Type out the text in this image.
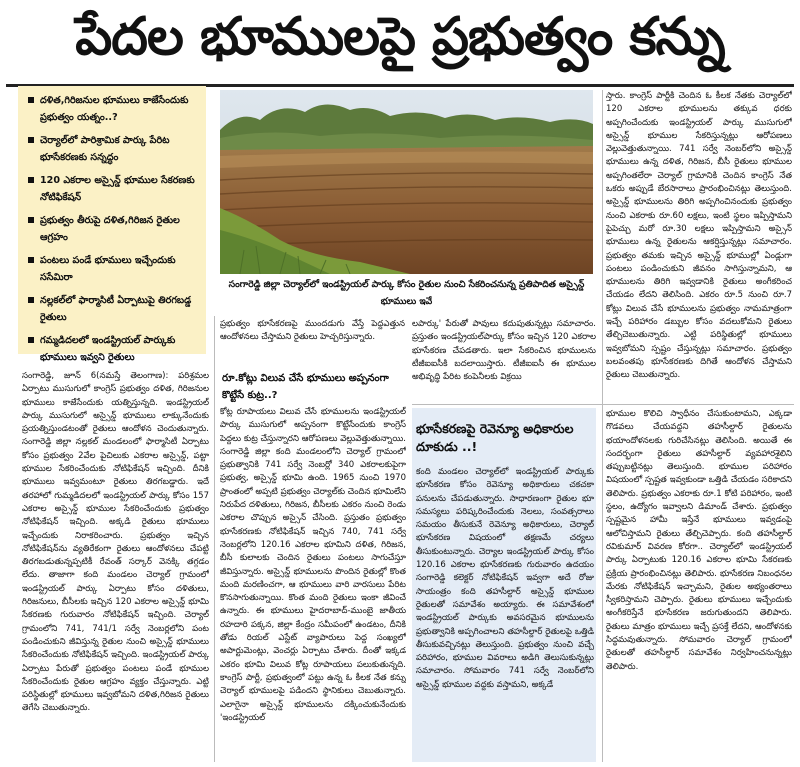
పేదల భూములపై ప్రభుత్వం కన్ను
దళిత,గిరిజనుల భూములు కాజేసేందుకు ప్రభుత్వం యత్నం..?
చెర్యాల్‌లో పారిశ్రామిక పార్కు పేరిట భూసేకరణకు సన్నద్ధం
120 ఎకరాల అస్సైన్డ్ భూముల సేకరణకు నోటిఫికేషన్
ప్రభుత్వం తీరుపై దళిత,గిరిజన రైతుల ఆగ్రహం
పంటలు పండే భూములు ఇచ్చేందుకు ససేమిరా
నల్లకల్‌లో ఫార్మాసిటీ ఏర్పాటుపై తిరగబడ్డ రైతులు
గమ్మడిదలలో ఇండస్ట్రియల్ పార్కుకు భూములు ఇవ్వని రైతులు
సంగారెడ్డి జిల్లా చెర్యాల్‌లో ఇండస్ట్రియల్ పార్కు కోసం రైతుల నుంచి సేకరించనున్న ప్రతిపాదిత అస్సైన్డ్ భూములు ఇవే

సంగారెడ్డి, జూన్ 6(నమస్తే తెలంగాణ): పరిశ్రమల ఏర్పాటు ముసుగులో కాంగ్రెస్ ప్రభుత్వం దళిత, గిరిజనుల భూములు కాజేసేందుకు యత్నిస్తున్నది. ఇండస్ట్రియల్ పార్కు ముసుగులో అస్సైన్డ్ భూములు లాక్కునేందుకు ప్రయత్నిస్తుండటంతో రైతులు ఆందోళన చెందుతున్నారు. సంగారెడ్డి జిల్లా నల్లకల్ మండలంలో ఫార్మాసిటీ ఏర్పాటు కోసం ప్రభుత్వం 2వేల పైచిలుకు ఎకరాల అస్సైన్డ్, పట్టా భూముల సేకరించేందుకు నోటిఫికేషన్ ఇచ్చింది. దీనికి భూములు ఇవ్వమంటూ రైతులు తిరగబడ్డారు. ఇదే తరహాలో గుమ్మడిదలలో ఇండస్ట్రియల్ పార్కు కోసం 157 ఎకరాల అస్సైన్డ్ భూముల సేకరించేందుకు ప్రభుత్వం నోటిఫికేషన్ ఇచ్చింది. అక్కడి రైతులు భూములు ఇచ్చేందుకు నిరాకరించారు. ప్రభుత్వం ఇచ్చిన నోటిఫికేషన్‌ను వ్యతిరేకంగా రైతులు ఆందోళనలు చేపట్టి తిరగబడుతున్నప్పటికీ రేవంత్ సర్కార్ వెనక్కి తగ్గడం లేదు. తాజాగా కంది మండలం చెర్యాల్ గ్రామంలో ఇండస్ట్రియల్ పార్కు ఏర్పాటు కోసం దళితులు, గిరిజనులు, బీసీలకు ఇచ్చిన 120 ఎకరాల అస్సైన్డ్ భూమి సేకరణకు గురువారం నోటిఫికేషన్ ఇచ్చింది. చెర్యాల్ గ్రామంలోని 741, 741/1 సర్వే నెంబర్లలోని పంట పండించుకుని జీవిస్తున్న రైతుల నుంచి అస్సైన్డ్ భూములు సేకరించేందుకు నోటిఫికేషన్ ఇచ్చింది. ఇండస్ట్రియల్ పార్కు ఏర్పాటు పేరుతో ప్రభుత్వం పంటలు పండే భూముల సేకరించేందుకు రైతుల ఆగ్రహం వ్యక్తం చేస్తున్నారు. ఎట్టి పరిస్థితుల్లో భూములు ఇవ్వబోమని దళిత,గిరిజన రైతులు తెగేసి చెబుతున్నారు.

ప్రభుత్వం భూసేకరణపై ముందడుగు వేస్తే పెద్దఎత్తున ఆందోళనలు చేస్తామని రైతులు హెచ్చరిస్తున్నారు.

రూ.కోట్లు విలువ చేసే భూములు అప్పనంగా కొట్టేసే కుట్ర..?

కోట్ల రూపాయలు విలువ చేసే భూములను ఇండస్ట్రియల్ పార్కు ముసుగులో అప్పనంగా కొట్టేసేందుకు కాంగ్రెస్ పెద్దలు కుట్ర చేస్తున్నారని ఆరోపణలు వెల్లువెత్తుతున్నాయి. సంగారెడ్డి జిల్లా కంది మండలంలోని చెర్యాల్ గ్రామంలో ప్రభుత్వానికి 741 సర్వే నెంబర్లో 340 ఎకరాలకుపైగా ప్రభుత్వ, అస్సైన్డ్ భూమి ఉంది. 1965 నుంచి 1970 ప్రాంతంలో అప్పటి ప్రభుత్వం చెర్యాల్‌కు చెందిన భూమిలేని నిరుపేద దళితులు, గిరిజన, బీసీలకు ఎకరం నుంచి రెండు ఎకరాల చొప్పున అస్సైన్ చేసింది. ప్రస్తుతం ప్రభుత్వం భూసేకరణకు నోటిఫికేషన్ ఇచ్చిన 740, 741 సర్వే నెంబర్లలోని 120.16 ఎకరాల భూమిని దళిత, గిరిజన, బీసీ కులాలకు చెందిన రైతులు పంటలు సాగుచేస్తూ జీవిస్తున్నారు. అస్సైన్డ్ భూములను పొందిన రైతుల్లో కొంత మంది మరణించగా, ఆ భూములు వారి వారసులు పేరిట కొనసాగుతున్నాయి. కొంత మంది రైతులు ఇంకా జీవించే ఉన్నారు. ఈ భూములు హైదరాబాద్-ముంబై జాతీయ రహదారి పక్కన, జిల్లా కేంద్రం సమీపంలో ఉండటం, దీనికి తోడు రియల్ ఎస్టేట్ వ్యాపారులు పెద్ద సంఖ్యలో అపార్టుమెంట్లు, వెంచర్లు ఏర్పాటు చేశారు. దీంతో ఇక్కడ ఎకరం భూమి విలువ కోట్ల రూపాయలు పలుకుతున్నది. కాంగ్రెస్ పార్టీ, ప్రభుత్వంలో పట్టు ఉన్న ఓ కీలక నేత కన్ను చెర్యాల్ భూములపై పడిందని స్థానికులు చెబుతున్నారు. ఎలాగైనా అస్సైన్డ్ భూములను దక్కించుకునేందుకు 'ఇండస్ట్రియల్

లపార్కు' పేరుతో పావులు కదుపుతున్నట్లు సమాచారం. ప్రస్తుతం ఇండస్ట్రియల్‌పార్కు కోసం ఇచ్చిన 120 ఎకరాల భూసేకరణ చేపడతారు. ఇలా సేకరించిన భూములను టీజీఐఐసీకి బదలాయిస్తారు. టీజీఐఐసీ ఈ భూముల అభివృద్ధి పేరిట కంపెనీలకు విక్రయి

స్తారు. కాంగ్రెస్ పార్టీకి చెందిన ఓ కీలక నేతకు చెర్యాల్‌లో 120 ఎకరాల భూములను తక్కువ ధరకు అప్పగించేందుకు ఇండస్ట్రియల్ పార్కు ముసుగులో అస్సైన్డ్ భూముల సేకరిస్తున్నట్లు ఆరోపణలు వెల్లువెత్తుతున్నాయి. 741 సర్వే నెంబర్‌లోని అస్సైన్డ్ భూములు ఉన్న దళిత, గిరిజన, బీసీ రైతులు భూముల అప్పగింతలేరా చెర్యాల్ గ్రామానికి చెందిన కాంగ్రెస్ నేత ఒకరు అప్పుడే బేరసారాలు ప్రారంభించినట్లు తెలుస్తుంది. అస్సైన్డ్ భూములను తిరిగి అప్పగించినందుకు ప్రభుత్వం నుంచి ఎకరాకు రూ.60 లక్షలు, ఇంటి స్థలం ఇప్పిస్తామని పైపెచ్చు మరో రూ.30 లక్షలు ఇప్పిస్తామని అస్సైన్ భూములు ఉన్న రైతులను ఆకర్షిస్తున్నట్లు సమాచారం. ప్రభుత్వం తమకు ఇచ్చిన అస్సైన్డ్ భూముల్లో ఏండ్లుగా పంటలు పండించుకుని జీవనం సాగిస్తున్నామని, ఆ భూములను తిరిగి ఇవ్వడానికి రైతులు అంగీకరించ చేయడం లేదని తెలిసింది. ఎకరం రూ.5 నుంచి రూ.7 కోట్లు విలువ చేసే భూములను ప్రభుత్వం నామమాత్రంగా ఇచ్చే పరిహారం డబ్బుల కోసం వదలుకోమని రైతులు తేల్చిచెబుతున్నారు. ఎట్టి పరిస్థితుల్లో భూములు ఇవ్వబోమని స్పష్టం చేస్తున్నట్లు సమాచారం. ప్రభుత్వం బలవంతపు భూసేకరణకు దిగితే ఆందోళన చేస్తామని రైతులు చెబుతున్నారు.

భూసేకరణపై రెవెన్యూ అధికారుల దూకుడు ..!

కంది మండలం చెర్యాల్‌లో ఇండస్ట్రియల్ పార్కుకు భూసేకరణ కోసం రెవెన్యూ అధికారులు చకచకా పనులను చేపడుతున్నారు. సాధారణంగా రైతుల భూ సమస్యలు పరిష్కరించేందుకు నెలలు, సంవత్సరాలు సమయం తీసుకునే రెవెన్యూ అధికారులు, చెర్యాల్ భూసేకరణ విషయంలో తక్షణమే చర్యలు తీసుకుంటున్నారు. చెర్యాల ఇండస్ట్రియల్ పార్కు కోసం 120.16 ఎకరాల భూసేకరణకు గురువారం ఉదయం సంగారెడ్డి కలెక్టర్ నోటిఫికేషన్ ఇవ్వగా అదే రోజు సాయంత్రం కంది తహసీల్దార్ అస్సైన్డ్ భూముల రైతులతో సమావేశం అయ్యారు. ఈ సమావేశంలో ఇండస్ట్రియల్ పార్కుకు అవసరమైన భూములను ప్రభుత్వానికి అప్పగించాలని తహసీల్దార్ రైతులపై ఒత్తిడి తీసుకువచ్చినట్లు తెలుస్తుంది. ప్రభుత్వం నుంచి వచ్చే పరిహారం, భూముల వివరాలు అడిగి తెలుసుకున్నట్లు సమాచారం. సోమవారం 741 సర్వే నెంబర్‌లోని అస్సైన్డ్ భూముల వద్దకు వస్తామని, అక్కడే

భూముల కొలిచి స్వాధీనం చేసుకుంటామని, ఎక్కడా గొడవలు చేయవద్దని తహసీల్దార్ రైతులను భయాందోళనలకు గురిచేసినట్లు తెలిసింది. అయితే ఈ సందర్భంగా రైతులు తహసీల్దార్ వ్యవహారశైలిని తప్పుబట్టినట్లు తెలుస్తుంది. భూముల పరిహారం విషయంలో స్పష్టత ఇవ్వకుండా ఒత్తిడి చేయడం సరికాదని తెలిపారు. ప్రభుత్వం ఎకరాకు రూ.1 కోటి పరిహారం, ఇంటి స్థలం, ఉద్యోగం ఇవ్వాలని డిమాండ్ చేశారు. ప్రభుత్వం స్పష్టమైన హామీ ఇస్తేనే భూములు ఇవ్వడంపై ఆలోచిస్తామని రైతులు తేల్చిచెప్పారు. కంది తహసీల్దార్ రవికుమార్ వివరణ కోరగా.. చెర్యాల్‌లో ఇండస్ట్రియల్ పార్కు ఏర్పాటుకు 120.16 ఎకరాల భూమి సేకరణకు ప్రక్రియ ప్రారంభించినట్లు తెలిపారు. భూసేకరణ నిబంధనల మేరకు నోటిఫికేషన్ ఇచ్చామని, రైతుల అభ్యంతరాలు స్వీకరిస్తామని చెప్పారు. రైతులు భూములు ఇచ్చేందుకు అంగీకరిస్తేనే భూసేకరణ జరుగుతుందని తెలిపారు. రైతులు మాత్రం భూములు ఇచ్చే ప్రసక్తే లేదని, ఆందోళనకు సిద్ధమవుతున్నారు. సోమవారం చెర్యాల్ గ్రామంలో రైతులతో తహసీల్దార్ సమావేశం నిర్వహించనున్నట్లు తెలిపారు.
